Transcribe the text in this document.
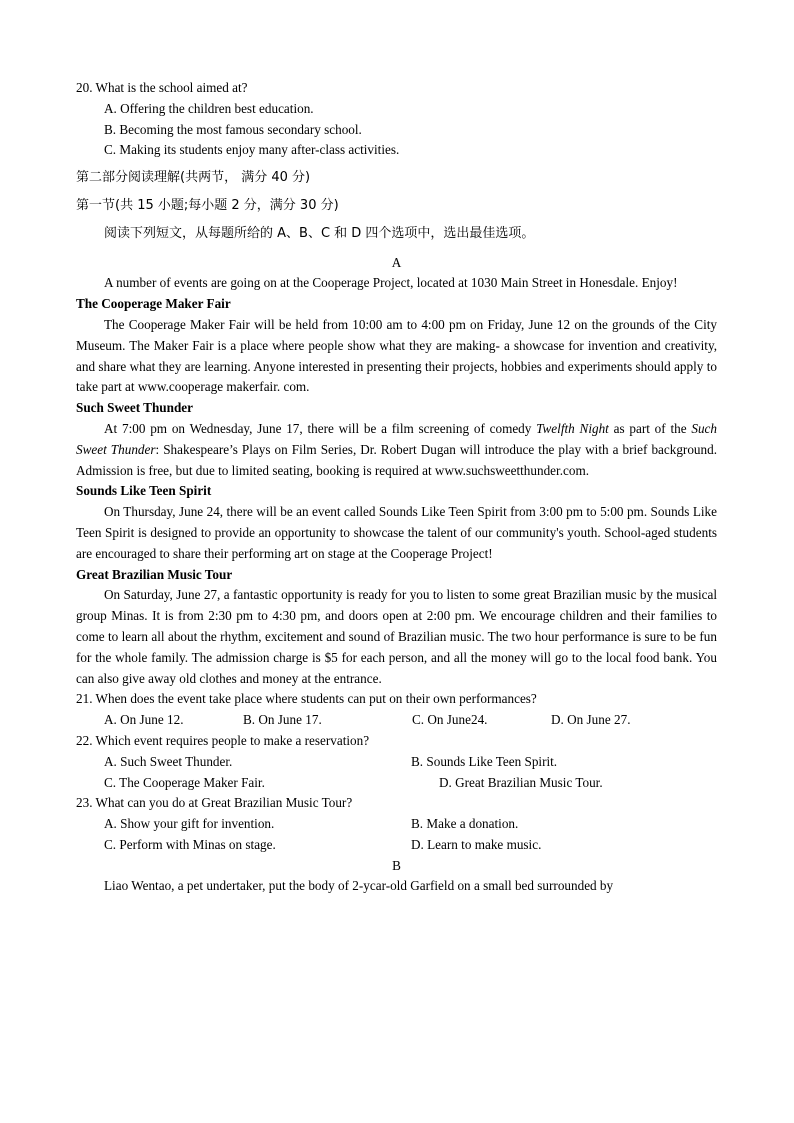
20. What is the school aimed at?
A. Offering the children best education.
B. Becoming the most famous secondary school.
C. Making its students enjoy many after-class activities.
第二部分阅读理解(共两节， 满分 40 分)
第一节(共 15 小题;每小题 2 分，满分 30 分)
阅读下列短文，从每题所给的 A、B、C 和 D 四个选项中，选出最佳选项。
A
A number of events are going on at the Cooperage Project, located at 1030 Main Street in Honesdale. Enjoy!
The Cooperage Maker Fair
The Cooperage Maker Fair will be held from 10:00 am to 4:00 pm on Friday, June 12 on the grounds of the City Museum. The Maker Fair is a place where people show what they are making- a showcase for invention and creativity, and share what they are learning. Anyone interested in presenting their projects, hobbies and experiments should apply to take part at www.cooperage makerfair. com.
Such Sweet Thunder
At 7:00 pm on Wednesday, June 17, there will be a film screening of comedy Twelfth Night as part of the Such Sweet Thunder: Shakespeare’s Plays on Film Series, Dr. Robert Dugan will introduce the play with a brief background. Admission is free, but due to limited seating, booking is required at www.suchsweetthunder.com.
Sounds Like Teen Spirit
On Thursday, June 24, there will be an event called Sounds Like Teen Spirit from 3:00 pm to 5:00 pm. Sounds Like Teen Spirit is designed to provide an opportunity to showcase the talent of our community's youth. School-aged students are encouraged to share their performing art on stage at the Cooperage Project!
Great Brazilian Music Tour
On Saturday, June 27, a fantastic opportunity is ready for you to listen to some great Brazilian music by the musical group Minas. It is from 2:30 pm to 4:30 pm, and doors open at 2:00 pm. We encourage children and their families to come to learn all about the rhythm, excitement and sound of Brazilian music. The two hour performance is sure to be fun for the whole family. The admission charge is $5 for each person, and all the money will go to the local food bank. You can also give away old clothes and money at the entrance.
21. When does the event take place where students can put on their own performances?
A. On June 12.	B. On June 17.	C. On June24.	D. On June 27.
22. Which event requires people to make a reservation?
A. Such Sweet Thunder.	B. Sounds Like Teen Spirit.
C. The Cooperage Maker Fair.	D. Great Brazilian Music Tour.
23. What can you do at Great Brazilian Music Tour?
A. Show your gift for invention.	B. Make a donation.
C. Perform with Minas on stage.	D. Learn to make music.
B
Liao Wentao, a pet undertaker, put the body of 2-ycar-old Garfield on a small bed surrounded by
